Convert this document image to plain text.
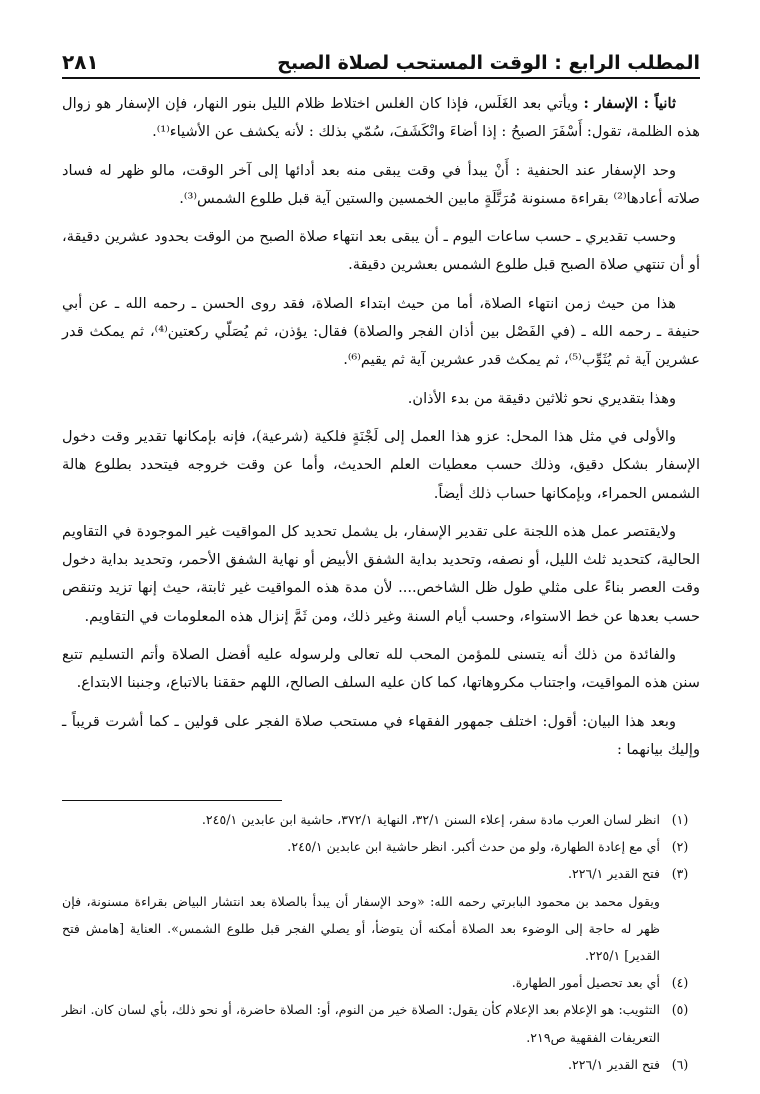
المطلب الرابع : الوقت المستحب لصلاة الصبح
٢٨١

ثانياً : الإسفار : ويأتي بعد الغَلَس، فإذا كان الغلس اختلاط ظلام الليل بنور النهار، فإن الإسفار هو زوال هذه الظلمة، تقول: أَسْفَرَ الصبحُ : إذا أضاءَ وانْكَشَفَ، سُمّي بذلك : لأنه يكشف عن الأشياء⁽¹⁾.

وحد الإسفار عند الحنفية : أَنْ يبدأ في وقت يبقى منه بعد أدائها إلى آخر الوقت، مالو ظهر له فساد صلاته أعادها⁽²⁾ بقراءة مسنونة مُرَتَّلَةٍ مابين الخمسين والستين آية قبل طلوع الشمس⁽³⁾.

وحسب تقديري ـ حسب ساعات اليوم ـ أن يبقى بعد انتهاء صلاة الصبح من الوقت بحدود عشرين دقيقة، أو أن تنتهي صلاة الصبح قبل طلوع الشمس بعشرين دقيقة.

هذا من حيث زمن انتهاء الصلاة، أما من حيث ابتداء الصلاة، فقد روى الحسن ـ رحمه الله ـ عن أبي حنيفة ـ رحمه الله ـ (في الفَصْل بين أذان الفجر والصلاة) فقال: يؤذن، ثم يُصَلّي ركعتين⁽⁴⁾، ثم يمكث قدر عشرين آية ثم يُثَوِّب⁽⁵⁾، ثم يمكث قدر عشرين آية ثم يقيم⁽⁶⁾.

وهذا بتقديري نحو ثلاثين دقيقة من بدء الأذان.

والأولى في مثل هذا المحل: عزو هذا العمل إلى لَجْنَةٍ فلكية (شرعية)، فإنه بإمكانها تقدير وقت دخول الإسفار بشكل دقيق، وذلك حسب معطيات العلم الحديث، وأما عن وقت خروجه فيتحدد بطلوع هالة الشمس الحمراء، وبإمكانها حساب ذلك أيضاً.

ولايقتصر عمل هذه اللجنة على تقدير الإسفار، بل يشمل تحديد كل المواقيت غير الموجودة في التقاويم الحالية، كتحديد ثلث الليل، أو نصفه، وتحديد بداية الشفق الأبيض أو نهاية الشفق الأحمر، وتحديد بداية دخول وقت العصر بناءً على مثلي طول ظل الشاخص.... لأن مدة هذه المواقيت غير ثابتة، حيث إنها تزيد وتنقص حسب بعدها عن خط الاستواء، وحسب أيام السنة وغير ذلك، ومن ثَمَّ إنزال هذه المعلومات في التقاويم.

والفائدة من ذلك أنه يتسنى للمؤمن المحب لله تعالى ولرسوله عليه أفضل الصلاة وأتم التسليم تتبع سنن هذه المواقيت، واجتناب مكروهاتها، كما كان عليه السلف الصالح، اللهم حققنا بالاتباع، وجنبنا الابتداع.

وبعد هذا البيان: أقول: اختلف جمهور الفقهاء في مستحب صلاة الفجر على قولين ـ كما أشرت قريباً ـ وإليك بيانهما :

(١)
انظر لسان العرب مادة سفر، إعلاء السنن ٣٢/١، النهاية ٣٧٢/١، حاشية ابن عابدين ٢٤٥/١.
(٢)
أي مع إعادة الطهارة، ولو من حدث أكبر. انظر حاشية ابن عابدين ٢٤٥/١.
(٣)
فتح القدير ٢٢٦/١.
ويقول محمد بن محمود البابرتي رحمه الله: «وحد الإسفار أن يبدأ بالصلاة بعد انتشار البياض بقراءة مسنونة، فإن ظهر له حاجة إلى الوضوء بعد الصلاة أمكنه أن يتوضأ، أو يصلي الفجر قبل طلوع الشمس». العناية [هامش فتح القدير] ٢٢٥/١.
(٤)
أي بعد تحصيل أمور الطهارة.
(٥)
التثويب: هو الإعلام بعد الإعلام كأن يقول: الصلاة خير من النوم، أو: الصلاة حاضرة، أو نحو ذلك، بأي لسان كان. انظر التعريفات الفقهية ص٢١٩.
(٦)
فتح القدير ٢٢٦/١.
